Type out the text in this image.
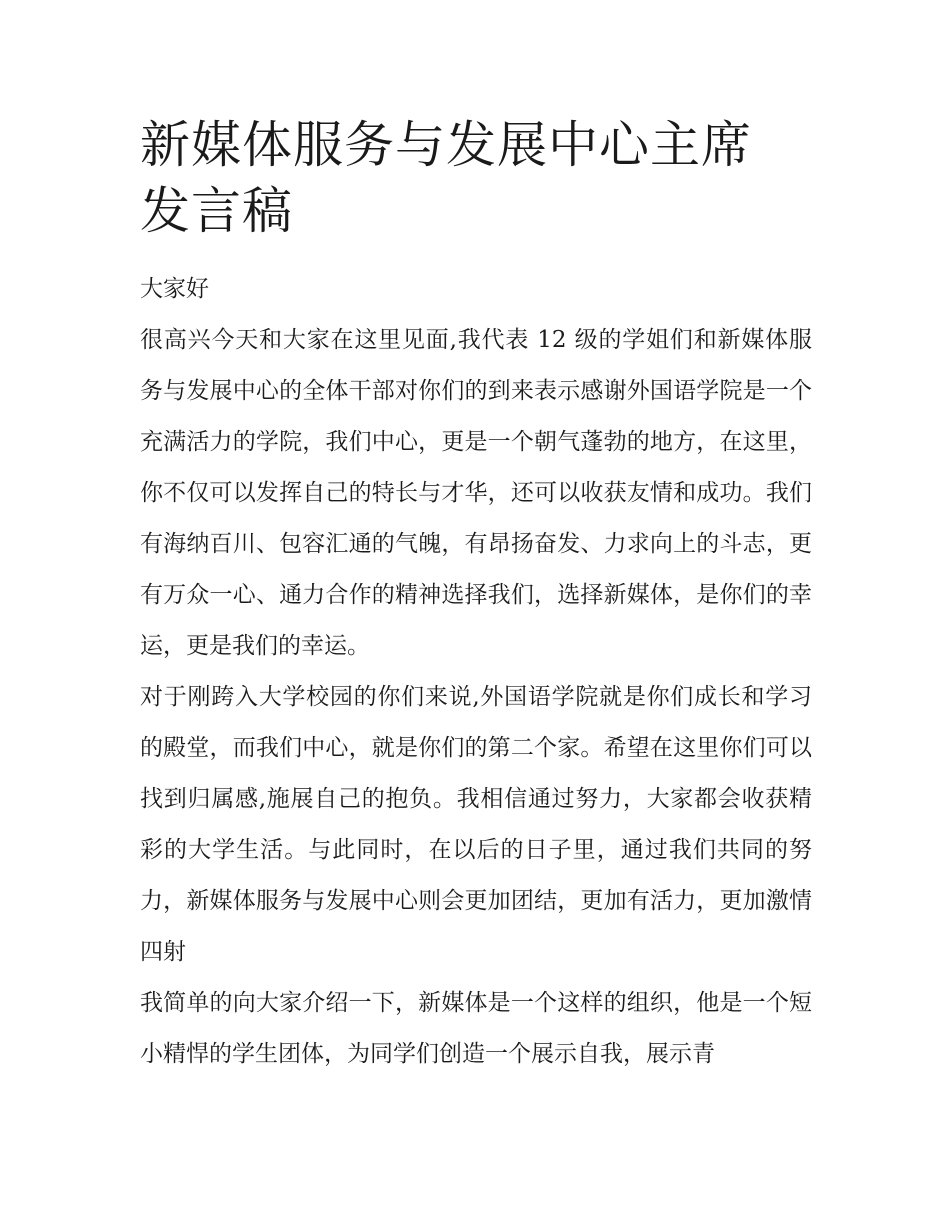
新媒体服务与发展中心主席发言稿

大家好

很高兴今天和大家在这里见面,我代表 12 级的学姐们和新媒体服务与发展中心的全体干部对你们的到来表示感谢外国语学院是一个充满活力的学院，我们中心，更是一个朝气蓬勃的地方，在这里，你不仅可以发挥自己的特长与才华，还可以收获友情和成功。我们有海纳百川、包容汇通的气魄，有昂扬奋发、力求向上的斗志，更有万众一心、通力合作的精神选择我们，选择新媒体，是你们的幸运，更是我们的幸运。

对于刚跨入大学校园的你们来说,外国语学院就是你们成长和学习的殿堂，而我们中心，就是你们的第二个家。希望在这里你们可以找到归属感,施展自己的抱负。我相信通过努力，大家都会收获精彩的大学生活。与此同时，在以后的日子里，通过我们共同的努力，新媒体服务与发展中心则会更加团结，更加有活力，更加激情四射

我简单的向大家介绍一下，新媒体是一个这样的组织，他是一个短小精悍的学生团体，为同学们创造一个展示自我，展示青
